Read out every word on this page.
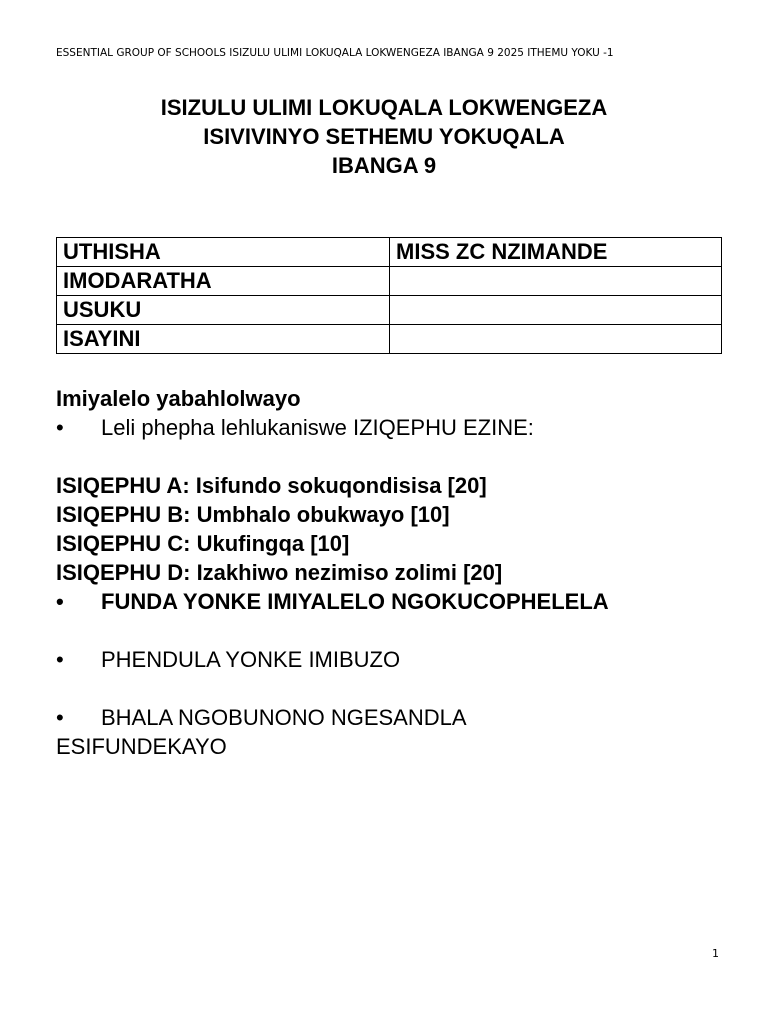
ESSENTIAL GROUP OF SCHOOLS ISIZULU ULIMI LOKUQALA LOKWENGEZA IBANGA 9 2025 ITHEMU YOKU -1
ISIZULU ULIMI LOKUQALA LOKWENGEZA
ISIVIVINYO SETHEMU YOKUQALA
IBANGA 9
UTHISHA	MISS ZC NZIMANDE
IMODARATHA	
USUKU	
ISAYINI	
Imiyalelo yabahlolwayo
• Leli phepha lehlukaniswe IZIQEPHU EZINE:
ISIQEPHU A: Isifundo sokuqondisisa [20]
ISIQEPHU B: Umbhalo obukwayo [10]
ISIQEPHU C: Ukufingqa [10]
ISIQEPHU D: Izakhiwo nezimiso zolimi [20]
• FUNDA YONKE IMIYALELO NGOKUCOPHELELA
• PHENDULA YONKE IMIBUZO
• BHALA NGOBUNONO NGESANDLA
ESIFUNDEKAYO
1
